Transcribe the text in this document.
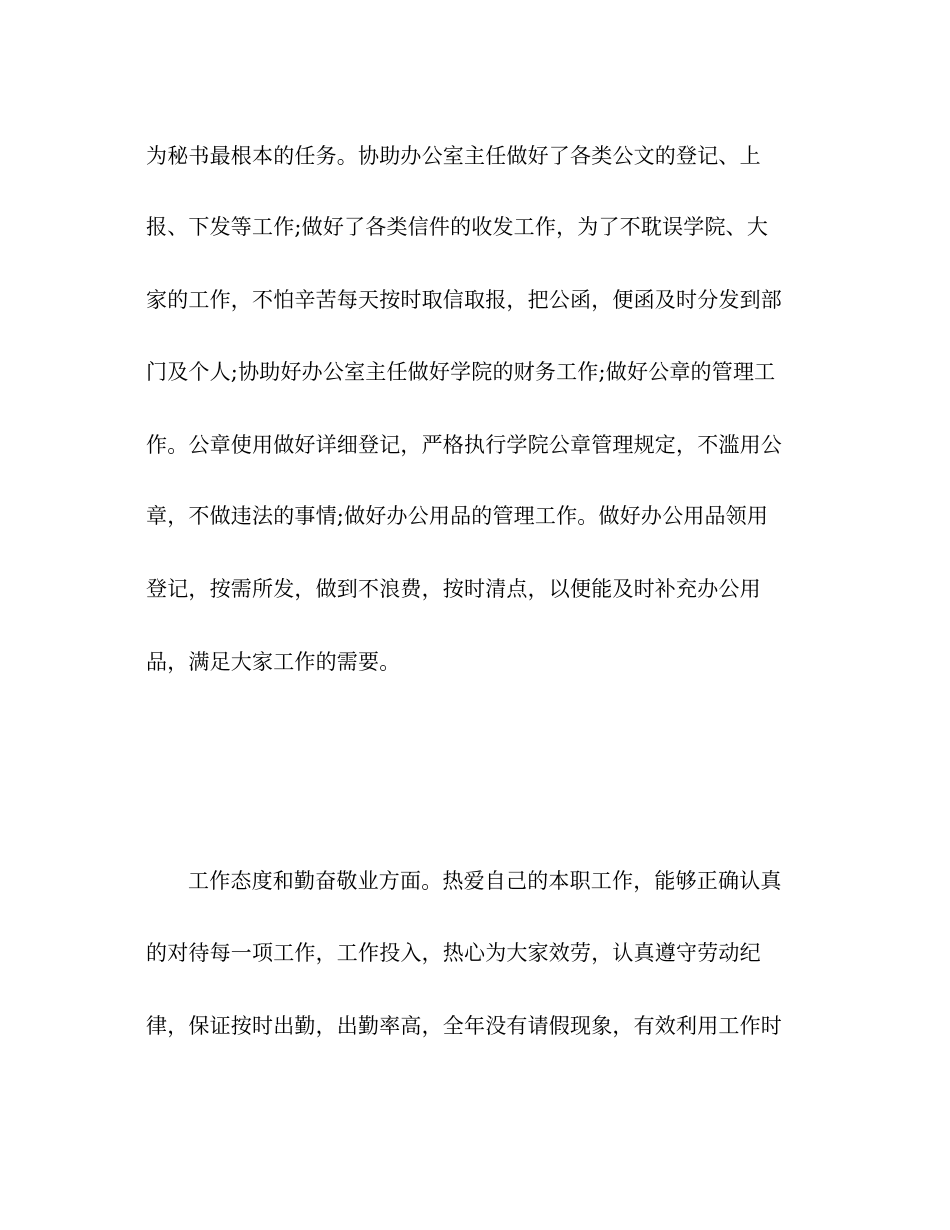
为秘书最根本的任务。协助办公室主任做好了各类公文的登记、上
报、下发等工作;做好了各类信件的收发工作，为了不耽误学院、大
家的工作，不怕辛苦每天按时取信取报，把公函，便函及时分发到部
门及个人;协助好办公室主任做好学院的财务工作;做好公章的管理工
作。公章使用做好详细登记，严格执行学院公章管理规定，不滥用公
章，不做违法的事情;做好办公用品的管理工作。做好办公用品领用
登记，按需所发，做到不浪费，按时清点，以便能及时补充办公用
品，满足大家工作的需要。
工作态度和勤奋敬业方面。热爱自己的本职工作，能够正确认真
的对待每一项工作，工作投入，热心为大家效劳，认真遵守劳动纪
律，保证按时出勤，出勤率高，全年没有请假现象，有效利用工作时
